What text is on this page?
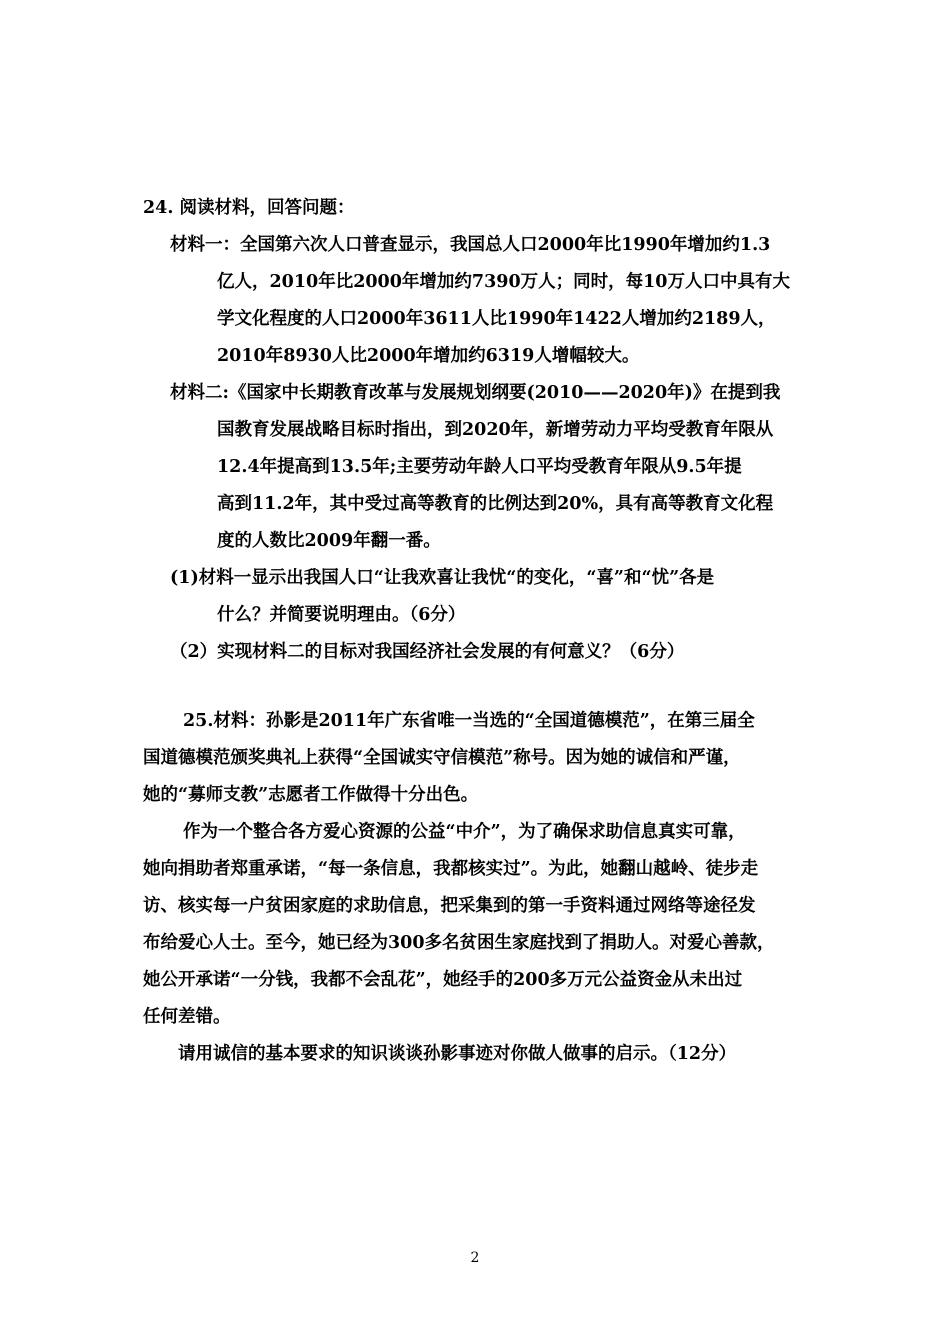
24. 阅读材料，回答问题：
材料一：全国第六次人口普查显示，我国总人口2000年比1990年增加约1.3
亿人，2010年比2000年增加约7390万人；同时，每10万人口中具有大
学文化程度的人口2000年3611人比1990年1422人增加约2189人，
2010年8930人比2000年增加约6319人增幅较大。
材料二:《国家中长期教育改革与发展规划纲要(2010——2020年)》在提到我
国教育发展战略目标时指出，到2020年，新增劳动力平均受教育年限从
12.4年提高到13.5年;主要劳动年龄人口平均受教育年限从9.5年提
高到11.2年，其中受过高等教育的比例达到20%，具有高等教育文化程
度的人数比2009年翻一番。
(1)材料一显示出我国人口“让我欢喜让我忧“的变化，“喜”和“忧”各是
什么？并简要说明理由。（6分）
（2）实现材料二的目标对我国经济社会发展的有何意义？（6分）
25.材料：孙影是2011年广东省唯一当选的“全国道德模范”，在第三届全
国道德模范颁奖典礼上获得“全国诚实守信模范”称号。因为她的诚信和严谨，
她的“募师支教”志愿者工作做得十分出色。
作为一个整合各方爱心资源的公益“中介”，为了确保求助信息真实可靠，
她向捐助者郑重承诺，“每一条信息，我都核实过”。为此，她翻山越岭、徒步走
访、核实每一户贫困家庭的求助信息，把采集到的第一手资料通过网络等途径发
布给爱心人士。至今，她已经为300多名贫困生家庭找到了捐助人。对爱心善款，
她公开承诺“一分钱，我都不会乱花”，她经手的200多万元公益资金从未出过
任何差错。
请用诚信的基本要求的知识谈谈孙影事迹对你做人做事的启示。（12分）
2
